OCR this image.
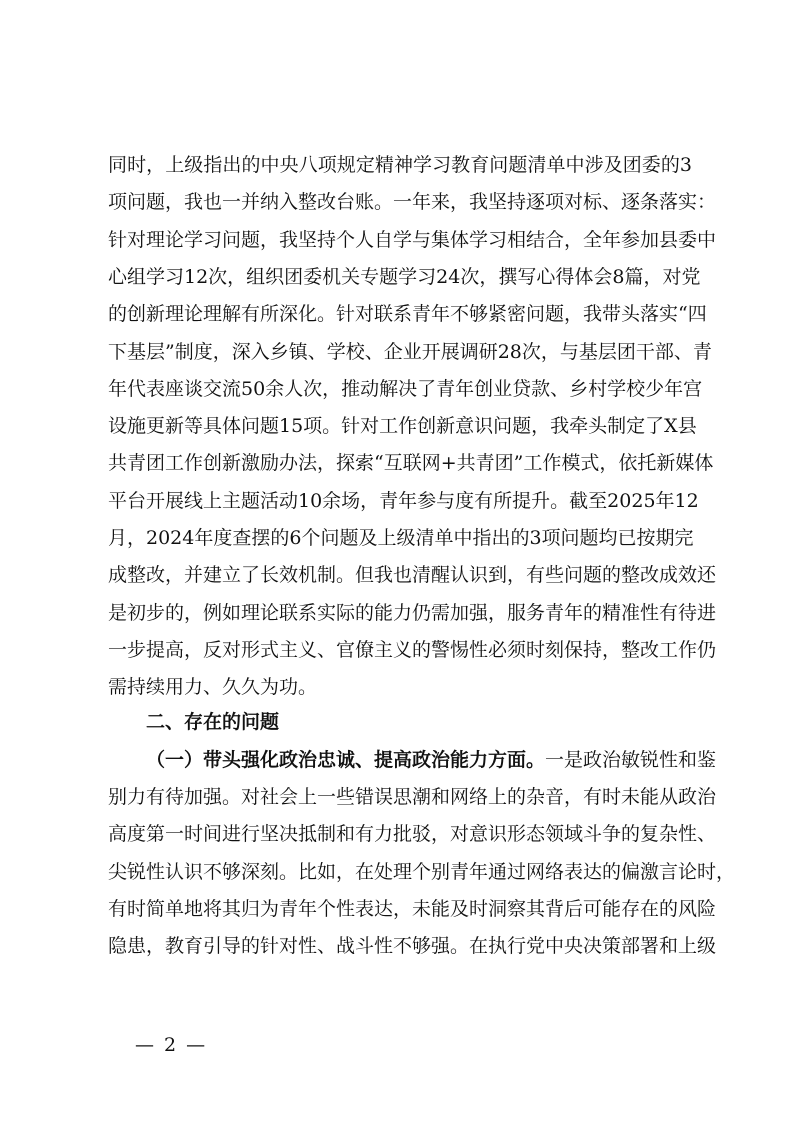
同时，上级指出的中央八项规定精神学习教育问题清单中涉及团委的3
项问题，我也一并纳入整改台账。一年来，我坚持逐项对标、逐条落实：
针对理论学习问题，我坚持个人自学与集体学习相结合，全年参加县委中
心组学习12次，组织团委机关专题学习24次，撰写心得体会8篇，对党
的创新理论理解有所深化。针对联系青年不够紧密问题，我带头落实“四
下基层”制度，深入乡镇、学校、企业开展调研28次，与基层团干部、青
年代表座谈交流50余人次，推动解决了青年创业贷款、乡村学校少年宫
设施更新等具体问题15项。针对工作创新意识问题，我牵头制定了X县
共青团工作创新激励办法，探索“互联网+共青团”工作模式，依托新媒体
平台开展线上主题活动10余场，青年参与度有所提升。截至2025年12
月，2024年度查摆的6个问题及上级清单中指出的3项问题均已按期完
成整改，并建立了长效机制。但我也清醒认识到，有些问题的整改成效还
是初步的，例如理论联系实际的能力仍需加强，服务青年的精准性有待进
一步提高，反对形式主义、官僚主义的警惕性必须时刻保持，整改工作仍
需持续用力、久久为功。
别力有待加强。对社会上一些错误思潮和网络上的杂音，有时未能从政治
高度第一时间进行坚决抵制和有力批驳，对意识形态领域斗争的复杂性、
尖锐性认识不够深刻。比如，在处理个别青年通过网络表达的偏激言论时，
有时简单地将其归为青年个性表达，未能及时洞察其背后可能存在的风险
隐患，教育引导的针对性、战斗性不够强。在执行党中央决策部署和上级
二、存在的问题
（一）带头强化政治忠诚、提高政治能力方面。一是政治敏锐性和鉴
— 2 —
